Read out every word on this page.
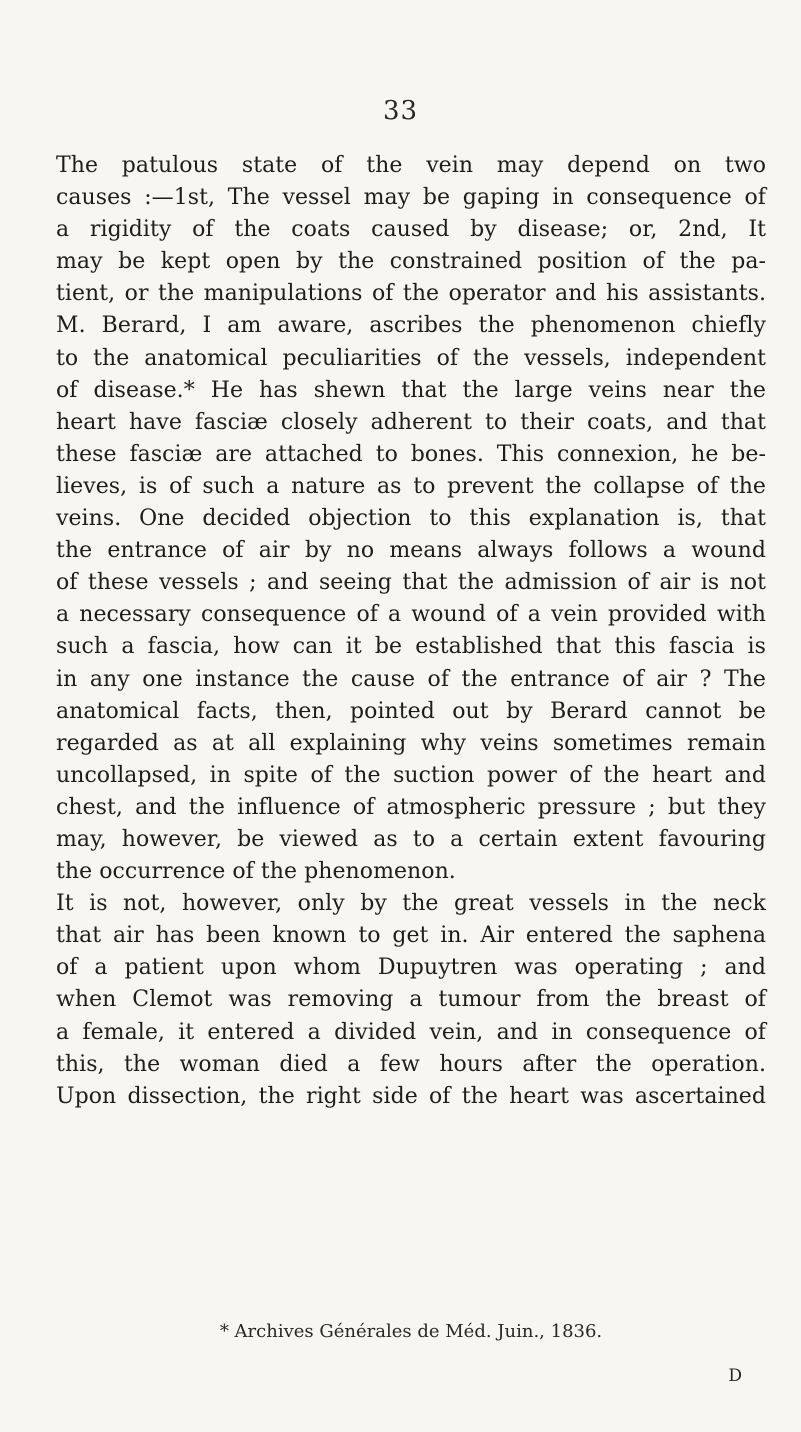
33
The patulous state of the vein may depend on two
causes :—1st, The vessel may be gaping in consequence of
a rigidity of the coats caused by disease; or, 2nd, It
may be kept open by the constrained position of the pa-
tient, or the manipulations of the operator and his assistants.
M. Berard, I am aware, ascribes the phenomenon chiefly
to the anatomical peculiarities of the vessels, independent
of disease.* He has shewn that the large veins near the
heart have fasciæ closely adherent to their coats, and that
these fasciæ are attached to bones. This connexion, he be-
lieves, is of such a nature as to prevent the collapse of the
veins. One decided objection to this explanation is, that
the entrance of air by no means always follows a wound
of these vessels ; and seeing that the admission of air is not
a necessary consequence of a wound of a vein provided with
such a fascia, how can it be established that this fascia is
in any one instance the cause of the entrance of air ? The
anatomical facts, then, pointed out by Berard cannot be
regarded as at all explaining why veins sometimes remain
uncollapsed, in spite of the suction power of the heart and
chest, and the influence of atmospheric pressure ; but they
may, however, be viewed as to a certain extent favouring
the occurrence of the phenomenon.
It is not, however, only by the great vessels in the neck
that air has been known to get in. Air entered the saphena
of a patient upon whom Dupuytren was operating ; and
when Clemot was removing a tumour from the breast of
a female, it entered a divided vein, and in consequence of
this, the woman died a few hours after the operation.
Upon dissection, the right side of the heart was ascertained
* Archives Générales de Méd. Juin., 1836.
D
